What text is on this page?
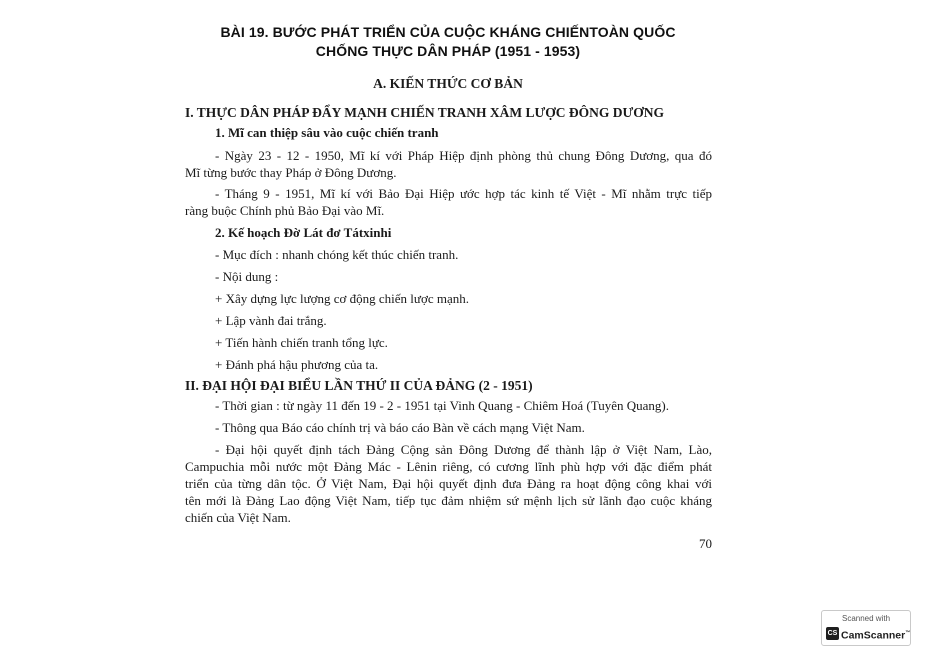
BÀI 19. BƯỚC PHÁT TRIỂN CỦA CUỘC KHÁNG CHIẾNTOÀN QUỐC
CHỐNG THỰC DÂN PHÁP (1951 - 1953)
A. KIẾN THỨC CƠ BẢN
I. THỰC DÂN PHÁP ĐẨY MẠNH CHIẾN TRANH XÂM LƯỢC ĐÔNG DƯƠNG
1. Mĩ can thiệp sâu vào cuộc chiến tranh
- Ngày 23 - 12 - 1950, Mĩ kí với Pháp Hiệp định phòng thủ chung Đông Dương, qua đó
Mĩ từng bước thay Pháp ở Đông Dương.
- Tháng 9 - 1951, Mĩ kí với Bảo Đại Hiệp ước hợp tác kinh tế Việt - Mĩ nhằm trực tiếp
ràng buộc Chính phủ Bảo Đại vào Mĩ.
2. Kế hoạch Đờ Lát đơ Tátxinhi
- Mục đích : nhanh chóng kết thúc chiến tranh.
- Nội dung :
+ Xây dựng lực lượng cơ động chiến lược mạnh.
+ Lập vành đai trắng.
+ Tiến hành chiến tranh tổng lực.
+ Đánh phá hậu phương của ta.
II. ĐẠI HỘI ĐẠI BIỂU LẦN THỨ II CỦA ĐẢNG (2 - 1951)
- Thời gian : từ ngày 11 đến 19 - 2 - 1951 tại Vinh Quang - Chiêm Hoá (Tuyên Quang).
- Thông qua Báo cáo chính trị và báo cáo Bàn về cách mạng Việt Nam.
- Đại hội quyết định tách Đảng Cộng sản Đông Dương để thành lập ở Việt Nam, Lào,
Campuchia mỗi nước một Đảng Mác - Lênin riêng, có cương lĩnh phù hợp với đặc điểm phát
triển của từng dân tộc. Ở Việt Nam, Đại hội quyết định đưa Đảng ra hoạt động công khai với
tên mới là Đảng Lao động Việt Nam, tiếp tục đảm nhiệm sứ mệnh lịch sử lãnh đạo cuộc kháng
chiến của Việt Nam.
70
Scanned with
CS CamScanner™
